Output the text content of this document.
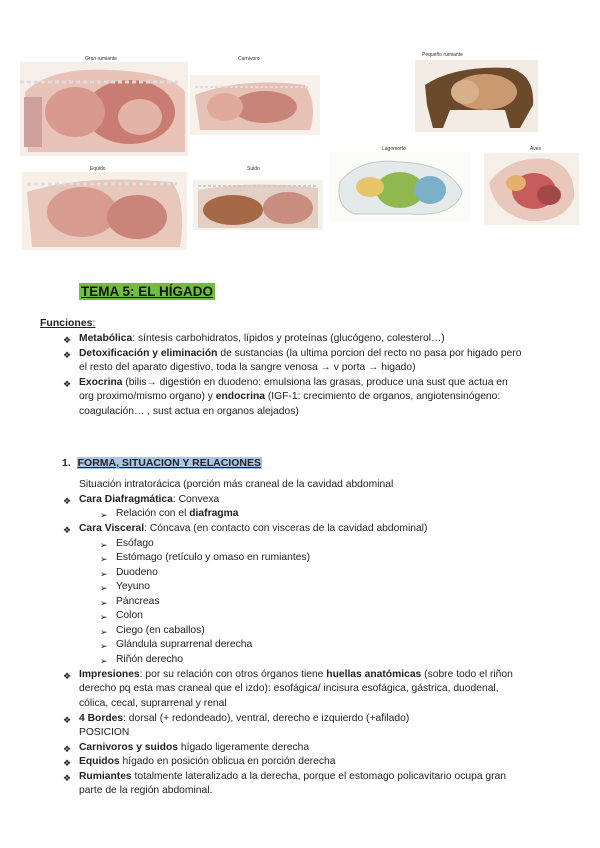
Gran rumiante	Carnivoro
Pequeño rumiante
Equido	Suido
Lagomorfo	Aves
TEMA 5: EL HÍGADO
Funciones:
❖ Metabólica: síntesis carbohidratos, lípidos y proteínas (glucógeno, colesterol…)
❖ Detoxificación y eliminación de sustancias (la ultima porcion del recto no pasa por higado pero
el resto del aparato digestivo, toda la sangre venosa → v porta → higado)
❖ Exocrina (bilis→ digestión en duodeno: emulsiona las grasas, produce una sust que actua en
org proximo/mismo organo) y endocrina (IGF-1: crecimiento de organos, angiotensinógeno:
coagulación… , sust actua en organos alejados)
1. FORMA, SITUACION Y RELACIONES
Situación intratorácica (porción más craneal de la cavidad abdominal
❖ Cara Diafragmática: Convexa
➢ Relación con el diafragma
❖ Cara Visceral: Cóncava (en contacto con visceras de la cavidad abdominal)
➢ Esófago
➢ Estómago (retículo y omaso en rumiantes)
➢ Duodeno
➢ Yeyuno
➢ Páncreas
➢ Colon
➢ Ciego (en caballos)
➢ Glándula suprarrenal derecha
➢ Riñón derecho
❖ Impresiones: por su relación con otros órganos tiene huellas anatómicas (sobre todo el riñon
derecho pq esta mas craneal que el izdo): esofágica/ incisura esofágica, gástrica, duodenal,
cólica, cecal, suprarrenal y renal
❖ 4 Bordes: dorsal (+ redondeado), ventral, derecho e izquierdo (+afilado)
POSICION
❖ Carnivoros y suidos hígado ligeramente derecha
❖ Equidos hígado en posición oblicua en porción derecha
❖ Rumiantes totalmente lateralizado a la derecha, porque el estomago policavitario ocupa gran
parte de la región abdominal.
